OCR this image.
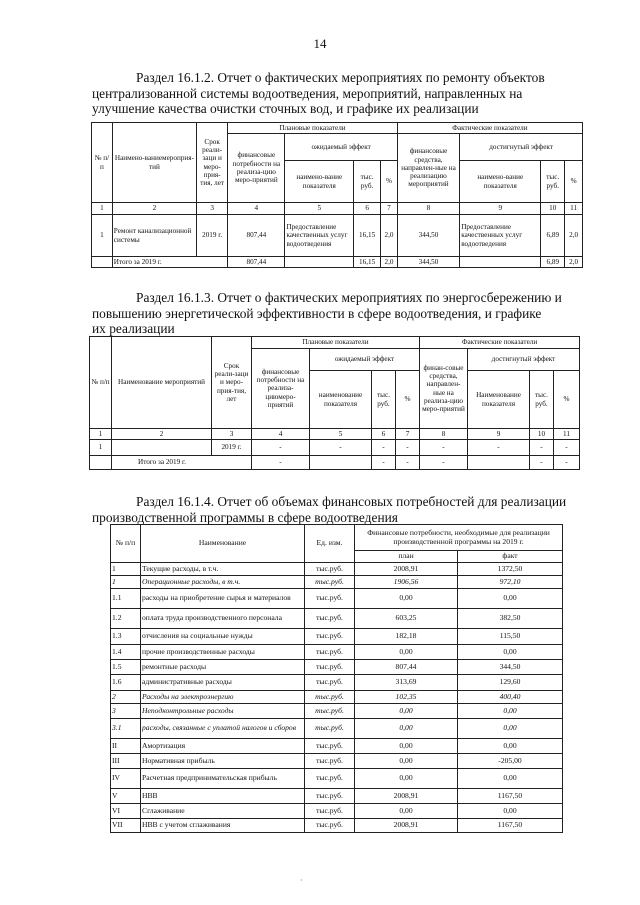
14
Раздел 16.1.2. Отчет о фактических мероприятиях по ремонту объектов
централизованной системы водоотведения, мероприятий, направленных на
улучшение качества очистки сточных вод, и графике их реализации
№ п/п	Наимено-ваниемероприя-тий	Срок реали-заци и меро-прия-тия, лет	Плановые показатели				Фактические показатели			
			финансовые потребности на реализа-цию меро-приятий	ожидаемый эффект			финансовые средства, направлен-ные на реализацию мероприятий	достигнутый эффект		
				наимено-вание показателя	тыс. руб.	%		наимено-вание показателя	тыс. руб.	%
1	2	3	4	5	6	7	8	9	10	11
1	Ремонт канализационной системы	2019 г.	807,44	Предоставление качественных услуг водоотведения	16,15	2,0	344,50	Предоставление качественных услуг водоотведения	6,89	2,0
	Итого за 2019 г.		807,44		16,15	2,0	344,50		6,89	2,0
Раздел 16.1.3. Отчет о фактических мероприятиях по энергосбережению и
повышению энергетической эффективности в сфере водоотведения, и графике
их реализации
№ п/п	Наименование мероприятий	Срок реали-заци и меро-прия-тия, лет	Плановые показатели				Фактические показатели			
			финансовые потребности на реализа-циюмеро-приятий	ожидаемый эффект			финан-совые средства, направлен-ные на реализа-цию меро-приятий	достигнутый эффект		
				наименование показателя	тыс. руб.	%		Наименование показателя	тыс. руб.	%
1	2	3	4	5	6	7	8	9	10	11
1		2019 г.	-	-	-	-	-	-	-	-
	Итого за 2019 г.		-		-	-	-		-	-
Раздел 16.1.4. Отчет об объемах финансовых потребностей для реализации
производственной программы в сфере водоотведения
№ п/п	Наименование	Ед. изм.	Финансовые потребности, необходимые для реализации производственной программы на 2019 г.	
			план	факт
1	Текущие расходы, в т.ч.	тыс.руб.	2008,91	1372,50
1	Операционные расходы, в т.ч.	тыс.руб.	1906,56	972,10
1.1	расходы на приобретение сырья и материалов	тыс.руб.	0,00	0,00
1.2	оплата труда производственного персонала	тыс.руб.	603,25	382,50
1.3	отчисления на социальные нужды	тыс.руб.	182,18	115,50
1.4	прочие производственные расходы	тыс.руб.	0,00	0,00
1.5	ремонтные расходы	тыс.руб.	807,44	344,50
1.6	административные расходы	тыс.руб.	313,69	129,60
2	Расходы на электроэнергию	тыс.руб.	102,35	400,40
3	Неподконтрольные расходы	тыс.руб.	0,00	0,00
3.1	расходы, связанные с уплатой налогов и сборов	тыс.руб.	0,00	0,00
II	Амортизация	тыс.руб.	0,00	0,00
III	Нормативная прибыль	тыс.руб.	0,00	-205,00
IV	Расчетная предпринимательская прибыль	тыс.руб.	0,00	0,00
V	НВВ	тыс.руб.	2008,91	1167,50
VI	Сглаживание	тыс.руб.	0,00	0,00
VII	НВВ с учетом сглаживания	тыс.руб.	2008,91	1167,50
·
